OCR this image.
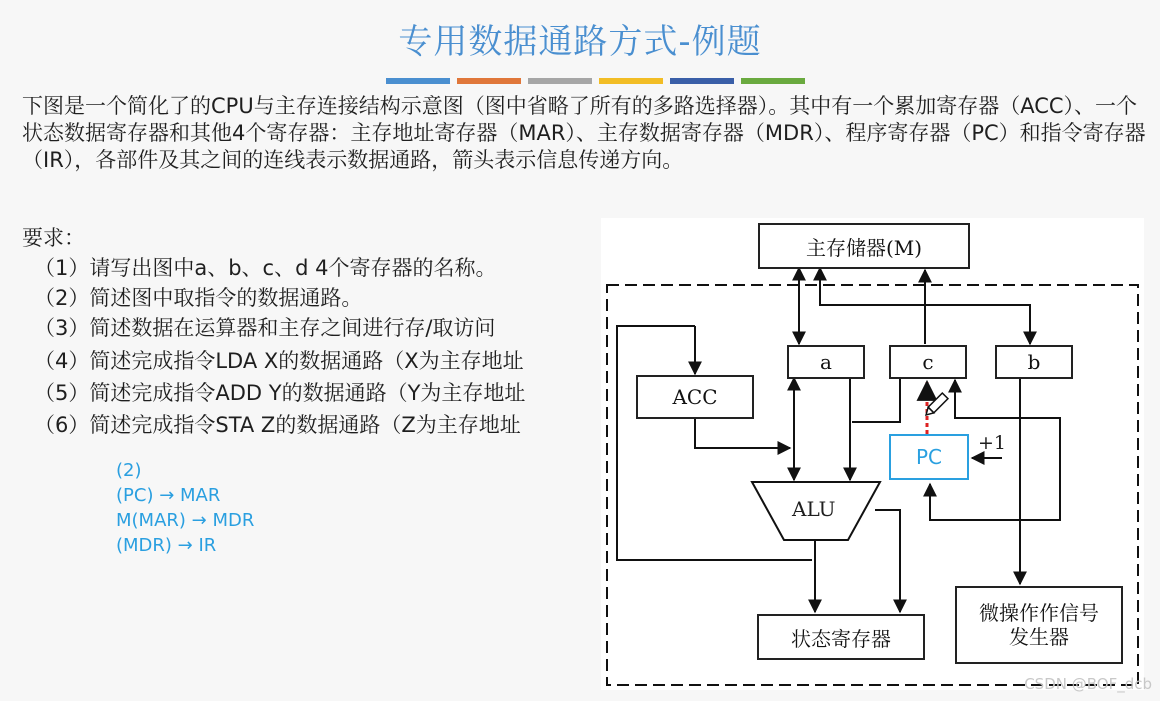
专用数据通路方式-例题
下图是一个简化了的CPU与主存连接结构示意图（图中省略了所有的多路选择器）。其中有一个累加寄存器（ACC）、一个状态数据寄存器和其他4个寄存器：主存地址寄存器（MAR）、主存数据寄存器（MDR）、程序寄存器（PC）和指令寄存器（IR），各部件及其之间的连线表示数据通路，箭头表示信息传递方向。
要求：
（1）请写出图中a、b、c、d 4个寄存器的名称。
（2）简述图中取指令的数据通路。
（3）简述数据在运算器和主存之间进行存/取访问
（4）简述完成指令LDA X的数据通路（X为主存地址
（5）简述完成指令ADD Y的数据通路（Y为主存地址
（6）简述完成指令STA Z的数据通路（Z为主存地址
(2)
(PC) → MAR
M(MAR) → MDR
(MDR) → IR
主存储器(M)
a	c	b
ACC
PC
+1
ALU
状态寄存器
微操作作信号
发生器
CSDN @BOF_dcb
